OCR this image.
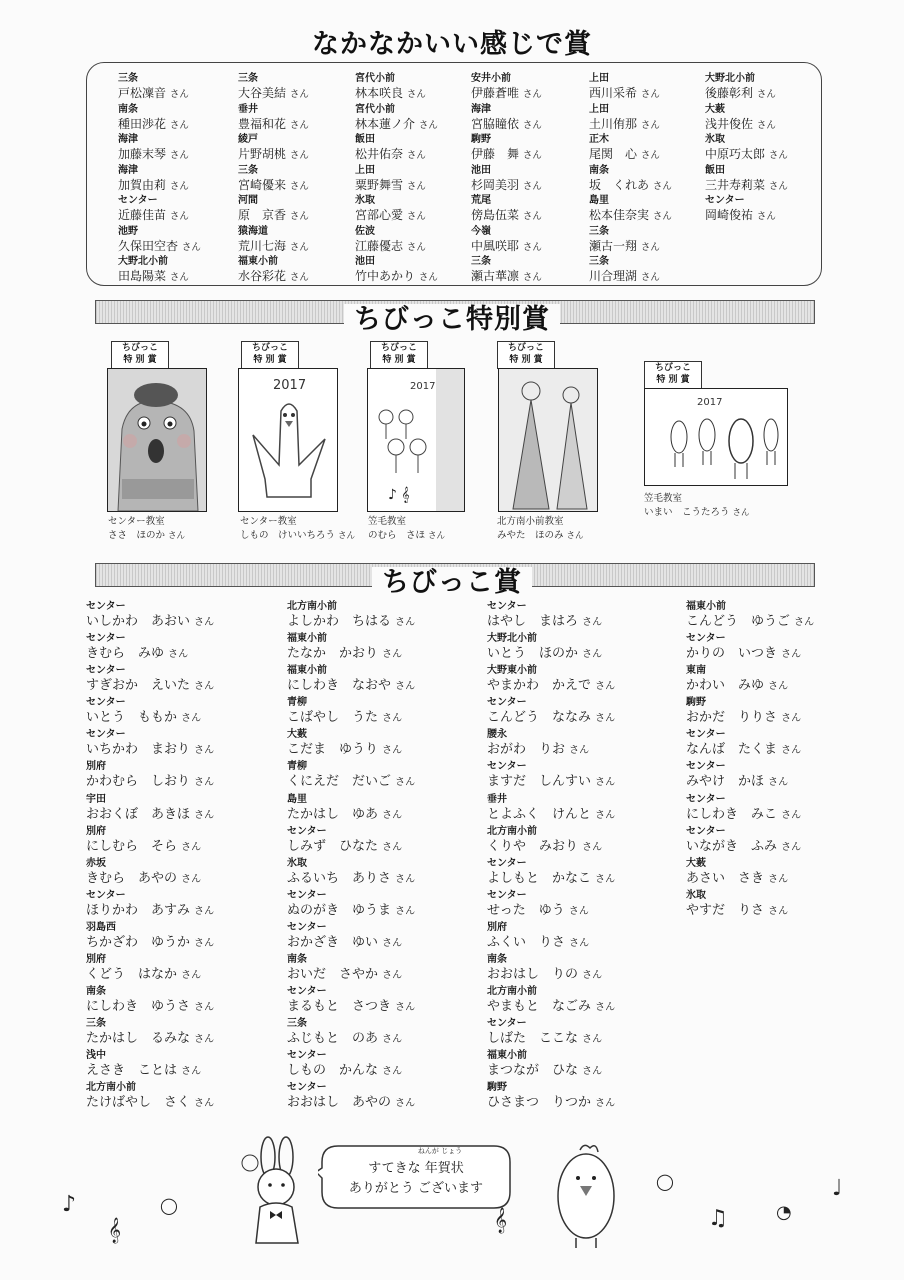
なかなかいい感じで賞
三条
戸松凜音 さん
南条
種田渉花 さん
海津
加藤末琴 さん
海津
加賀由莉 さん
センター
近藤佳苗 さん
池野
久保田空杏 さん
大野北小前
田島陽菜 さん
三条
大谷美結 さん
垂井
豊福和花 さん
綾戸
片野胡桃 さん
三条
宮崎優来 さん
河間
原　京香 さん
猿海道
荒川七海 さん
福東小前
水谷彩花 さん
宮代小前
林本咲良 さん
宮代小前
林本蓮ノ介 さん
飯田
松井佑奈 さん
上田
粟野舞雪 さん
氷取
宮部心愛 さん
佐波
江藤優志 さん
池田
竹中あかり さん
安井小前
伊藤蒼唯 さん
海津
宮脇瞳依 さん
駒野
伊藤　舞 さん
池田
杉岡美羽 さん
荒尾
傍島伍菜 さん
今嶺
中風咲耶 さん
三条
瀬古華凛 さん
上田
西川采希 さん
上田
土川侑那 さん
正木
尾関　心 さん
南条
坂　くれあ さん
島里
松本佳奈実 さん
三条
瀬古一翔 さん
三条
川合理湖 さん
大野北小前
後藤彰利 さん
大薮
浅井俊佐 さん
氷取
中原巧太郎 さん
飯田
三井寿莉菜 さん
センター
岡崎俊祐 さん
ちびっこ特別賞
ちびっこ
特 別 賞
センター教室
ささ　ほのか さん
ちびっこ
特 別 賞
2017
センター教室
しもの　けいいちろう さん
ちびっこ
特 別 賞
2017
♪ 𝄞
笠毛教室
のむら　さほ さん
ちびっこ
特 別 賞
北方南小前教室
みやた　ほのみ さん
ちびっこ
特 別 賞
2017
笠毛教室
いまい　こうたろう さん
ちびっこ賞
センター
いしかわ　あおい さん
センター
きむら　みゆ さん
センター
すぎおか　えいた さん
センター
いとう　ももか さん
センター
いちかわ　まおり さん
別府
かわむら　しおり さん
宇田
おおくぼ　あきほ さん
別府
にしむら　そら さん
赤坂
きむら　あやの さん
センター
ほりかわ　あすみ さん
羽島西
ちかざわ　ゆうか さん
別府
くどう　はなか さん
南条
にしわき　ゆうさ さん
三条
たかはし　るみな さん
浅中
えさき　ことは さん
北方南小前
たけばやし　さく さん
北方南小前
よしかわ　ちはる さん
福東小前
たなか　かおり さん
福東小前
にしわき　なおや さん
青柳
こばやし　うた さん
大薮
こだま　ゆうり さん
青柳
くにえだ　だいご さん
島里
たかはし　ゆあ さん
センター
しみず　ひなた さん
氷取
ふるいち　ありさ さん
センター
ぬのがき　ゆうま さん
センター
おかざき　ゆい さん
南条
おいだ　さやか さん
センター
まるもと　さつき さん
三条
ふじもと　のあ さん
センター
しもの　かんな さん
センター
おおはし　あやの さん
センター
はやし　まはろ さん
大野北小前
いとう　ほのか さん
大野東小前
やまかわ　かえで さん
センター
こんどう　ななみ さん
腰永
おがわ　りお さん
センター
ますだ　しんすい さん
垂井
とよふく　けんと さん
北方南小前
くりや　みおり さん
センター
よしもと　かなこ さん
センター
せった　ゆう さん
別府
ふくい　りさ さん
南条
おおはし　りの さん
北方南小前
やまもと　なごみ さん
センター
しばた　ここな さん
福東小前
まつなが　ひな さん
駒野
ひさまつ　りつか さん
福東小前
こんどう　ゆうご さん
センター
かりの　いつき さん
東南
かわい　みゆ さん
駒野
おかだ　りりさ さん
センター
なんば　たくま さん
センター
みやけ　かほ さん
センター
にしわき　みこ さん
センター
いながき　ふみ さん
大薮
あさい　さき さん
氷取
やすだ　りさ さん
ねんが じょう
すてきな 年賀状
ありがとう ございます
♪
𝄞
◯
𝄞
◯
♫	◔
♩
